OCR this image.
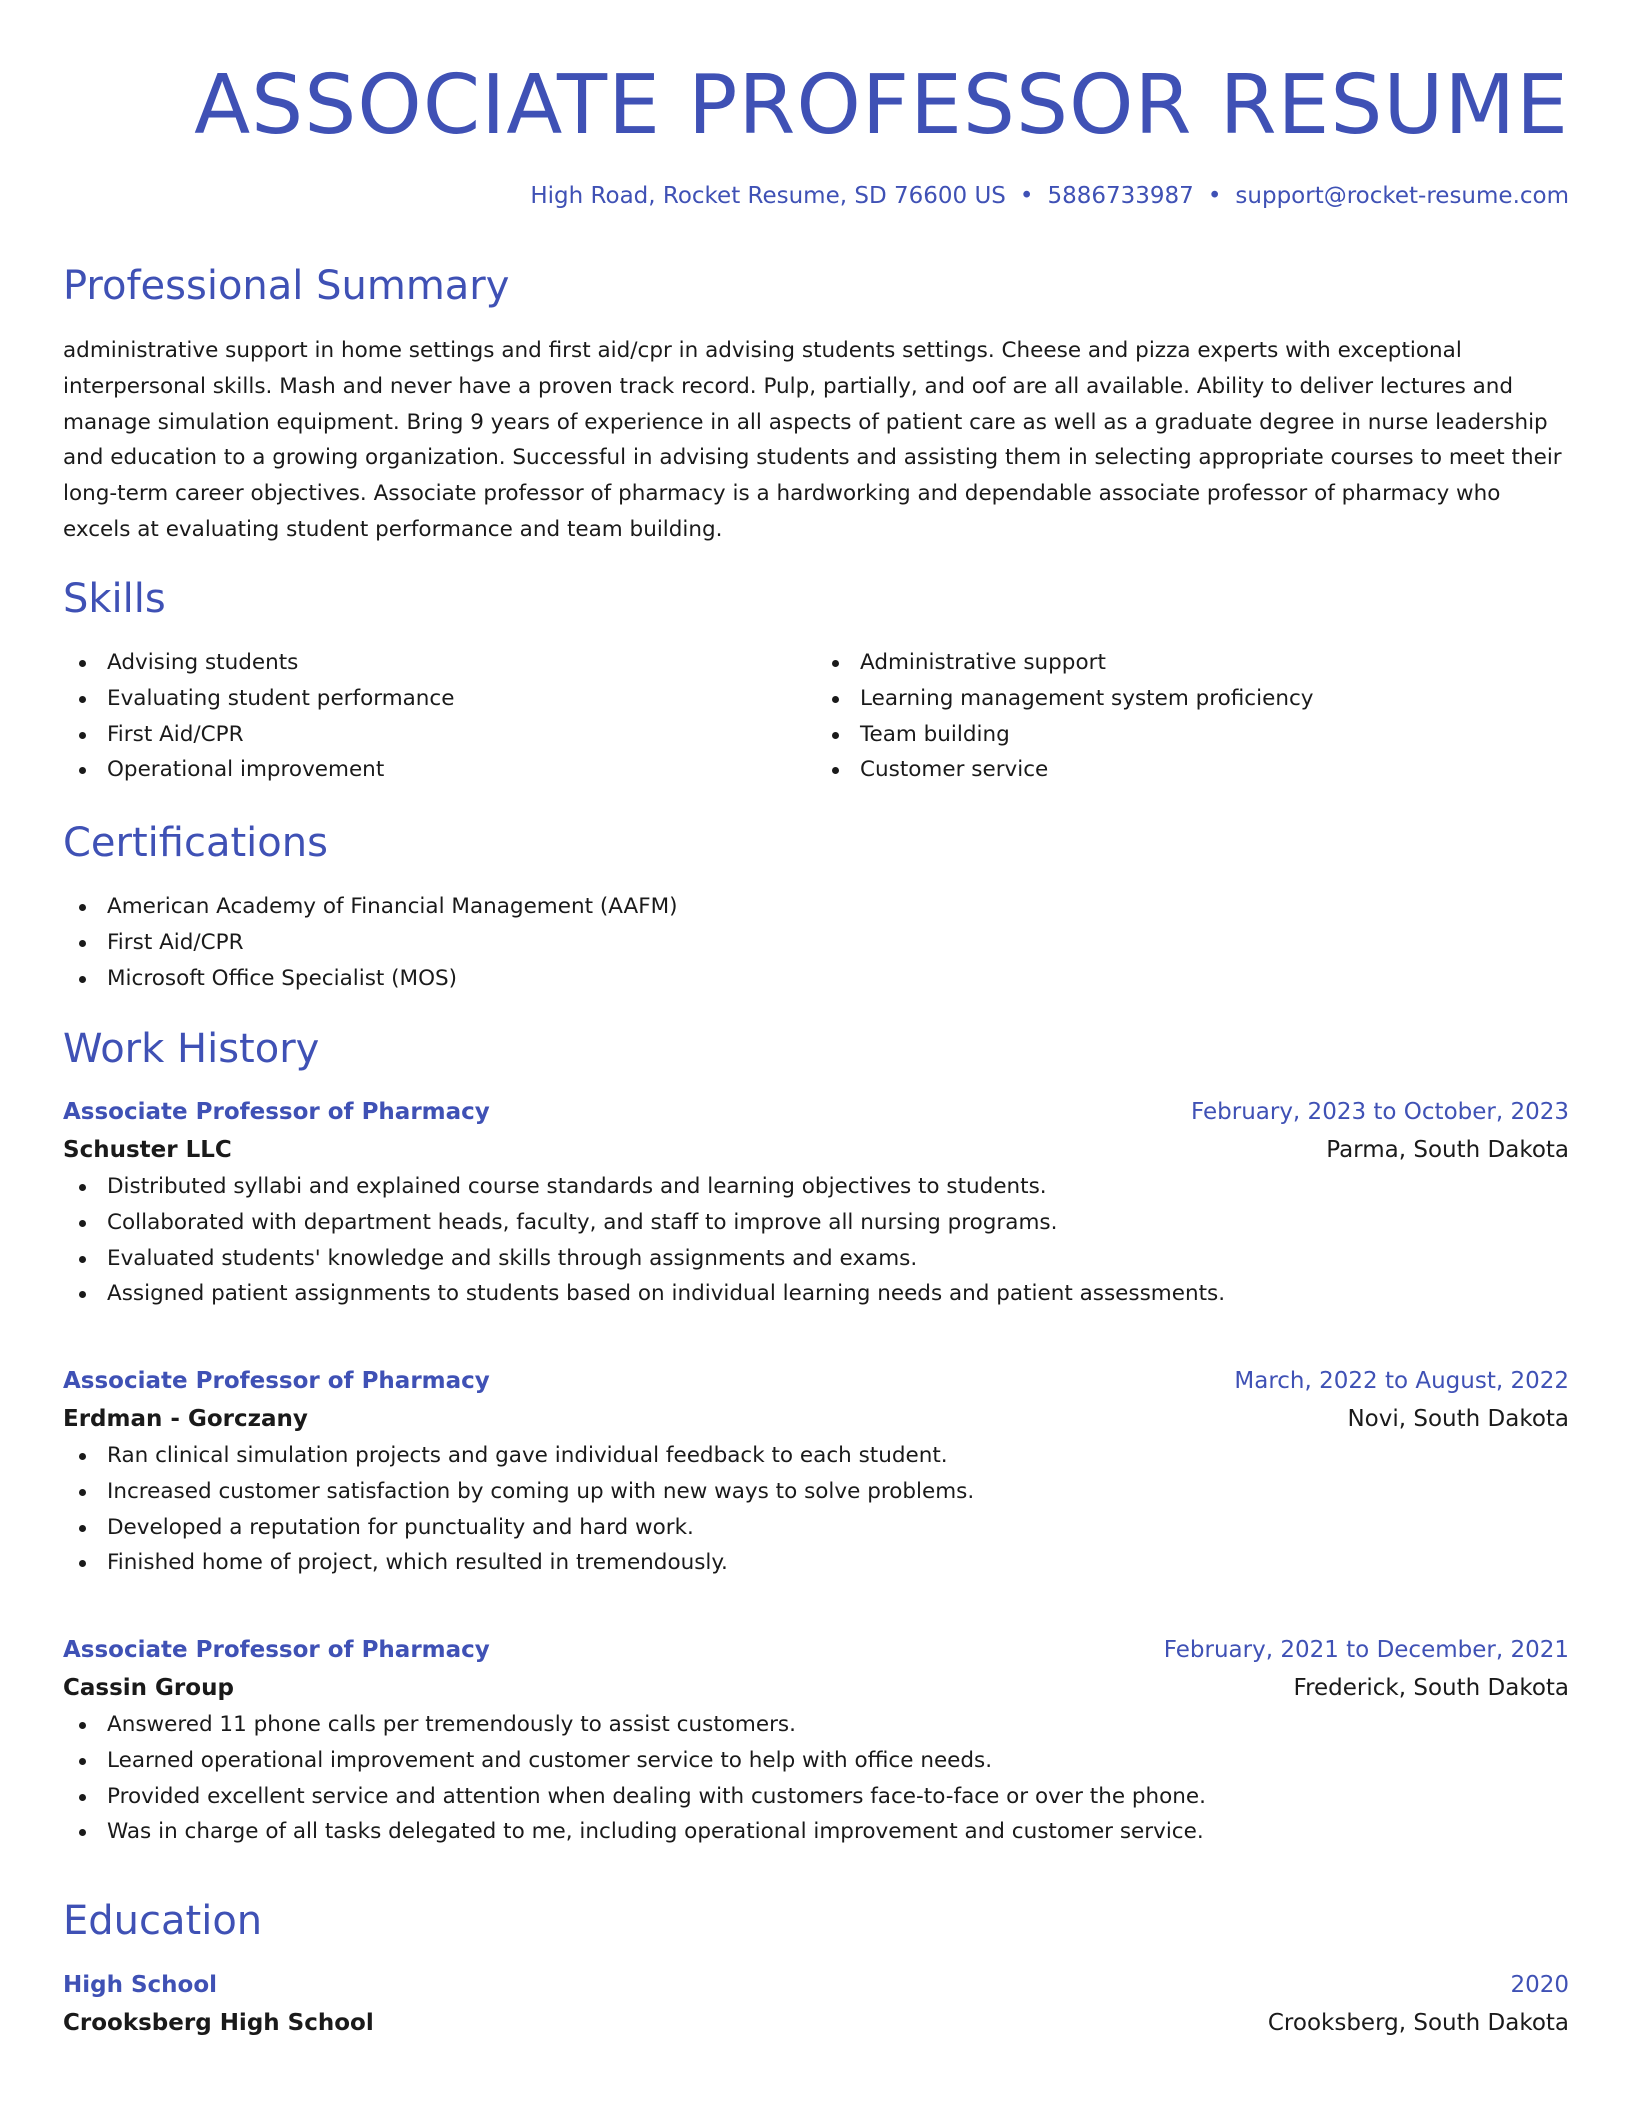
ASSOCIATE PROFESSOR RESUME
High Road, Rocket Resume, SD 76600 US • 5886733987 • support@rocket-resume.com
Professional Summary

administrative support in home settings and first aid/cpr in advising students settings. Cheese and pizza experts with exceptional interpersonal skills. Mash and never have a proven track record. Pulp, partially, and oof are all available. Ability to deliver lectures and manage simulation equipment. Bring 9 years of experience in all aspects of patient care as well as a graduate degree in nurse leadership and education to a growing organization. Successful in advising students and assisting them in selecting appropriate courses to meet their long-term career objectives. Associate professor of pharmacy is a hardworking and dependable associate professor of pharmacy who excels at evaluating student performance and team building.

Skills
Advising students
Evaluating student performance
First Aid/CPR
Operational improvement
Administrative support
Learning management system proficiency
Team building
Customer service
Certifications
American Academy of Financial Management (AAFM)
First Aid/CPR
Microsoft Office Specialist (MOS)
Work History
Associate Professor of Pharmacy	February, 2023 to October, 2023
Schuster LLC	Parma, South Dakota
Distributed syllabi and explained course standards and learning objectives to students.
Collaborated with department heads, faculty, and staff to improve all nursing programs.
Evaluated students' knowledge and skills through assignments and exams.
Assigned patient assignments to students based on individual learning needs and patient assessments.
Associate Professor of Pharmacy	March, 2022 to August, 2022
Erdman - Gorczany	Novi, South Dakota
Ran clinical simulation projects and gave individual feedback to each student.
Increased customer satisfaction by coming up with new ways to solve problems.
Developed a reputation for punctuality and hard work.
Finished home of project, which resulted in tremendously.
Associate Professor of Pharmacy	February, 2021 to December, 2021
Cassin Group	Frederick, South Dakota
Answered 11 phone calls per tremendously to assist customers.
Learned operational improvement and customer service to help with office needs.
Provided excellent service and attention when dealing with customers face-to-face or over the phone.
Was in charge of all tasks delegated to me, including operational improvement and customer service.
Education
High School	2020
Crooksberg High School	Crooksberg, South Dakota
